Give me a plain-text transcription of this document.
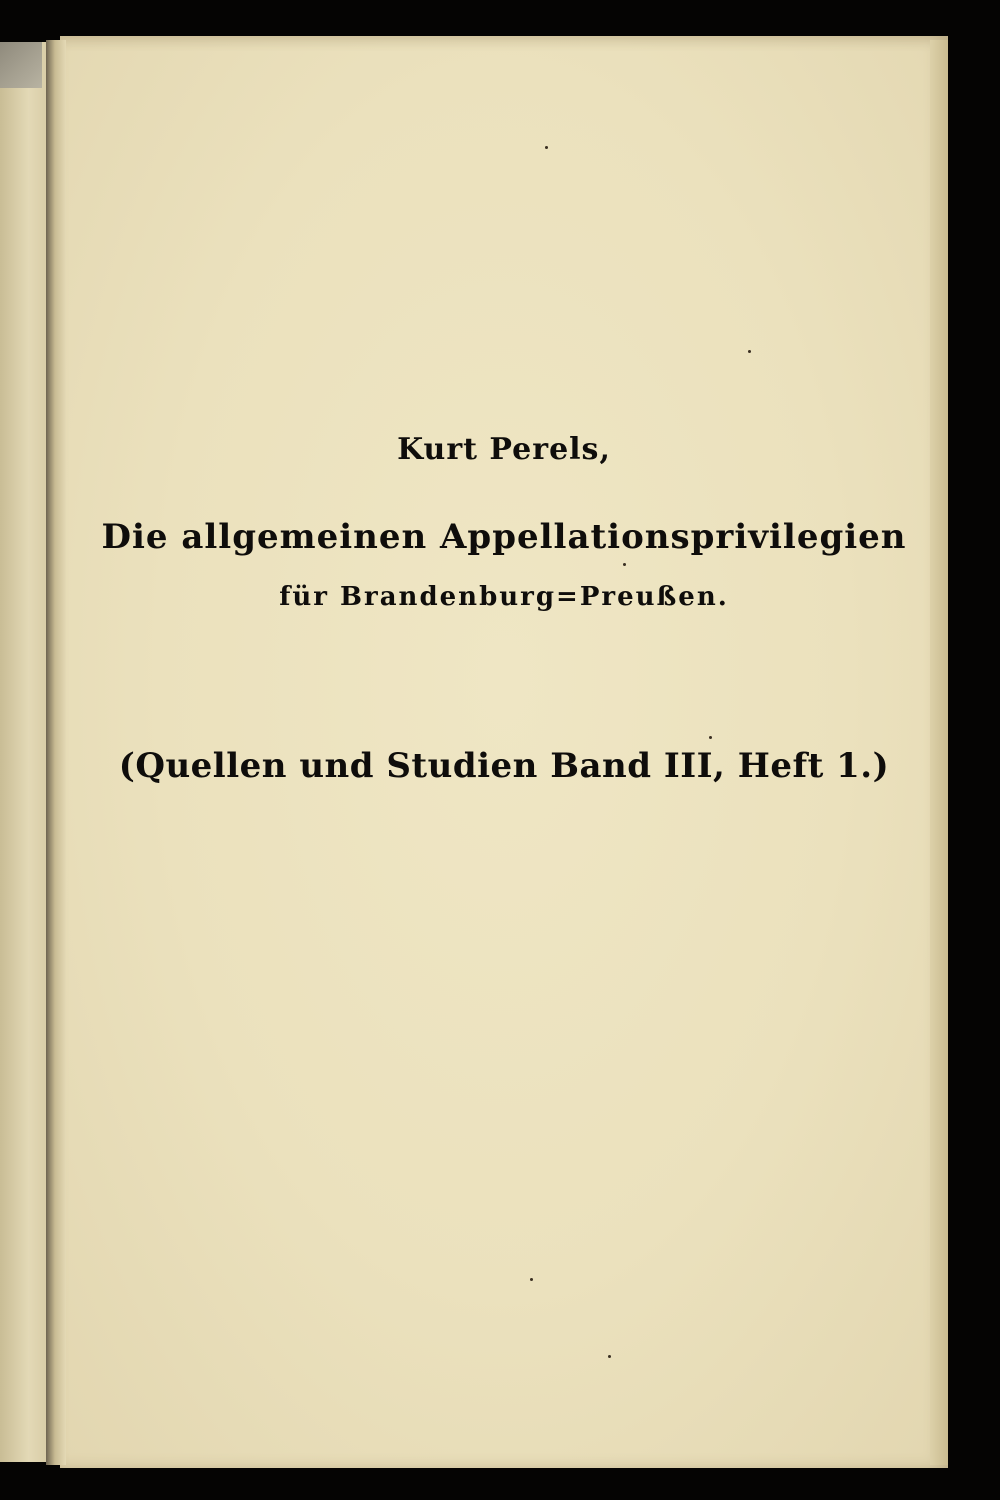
Kurt Perels,
Die allgemeinen Appellationsprivilegien
für Brandenburg=Preußen.
(Quellen und Studien Band III, Heft 1.)
